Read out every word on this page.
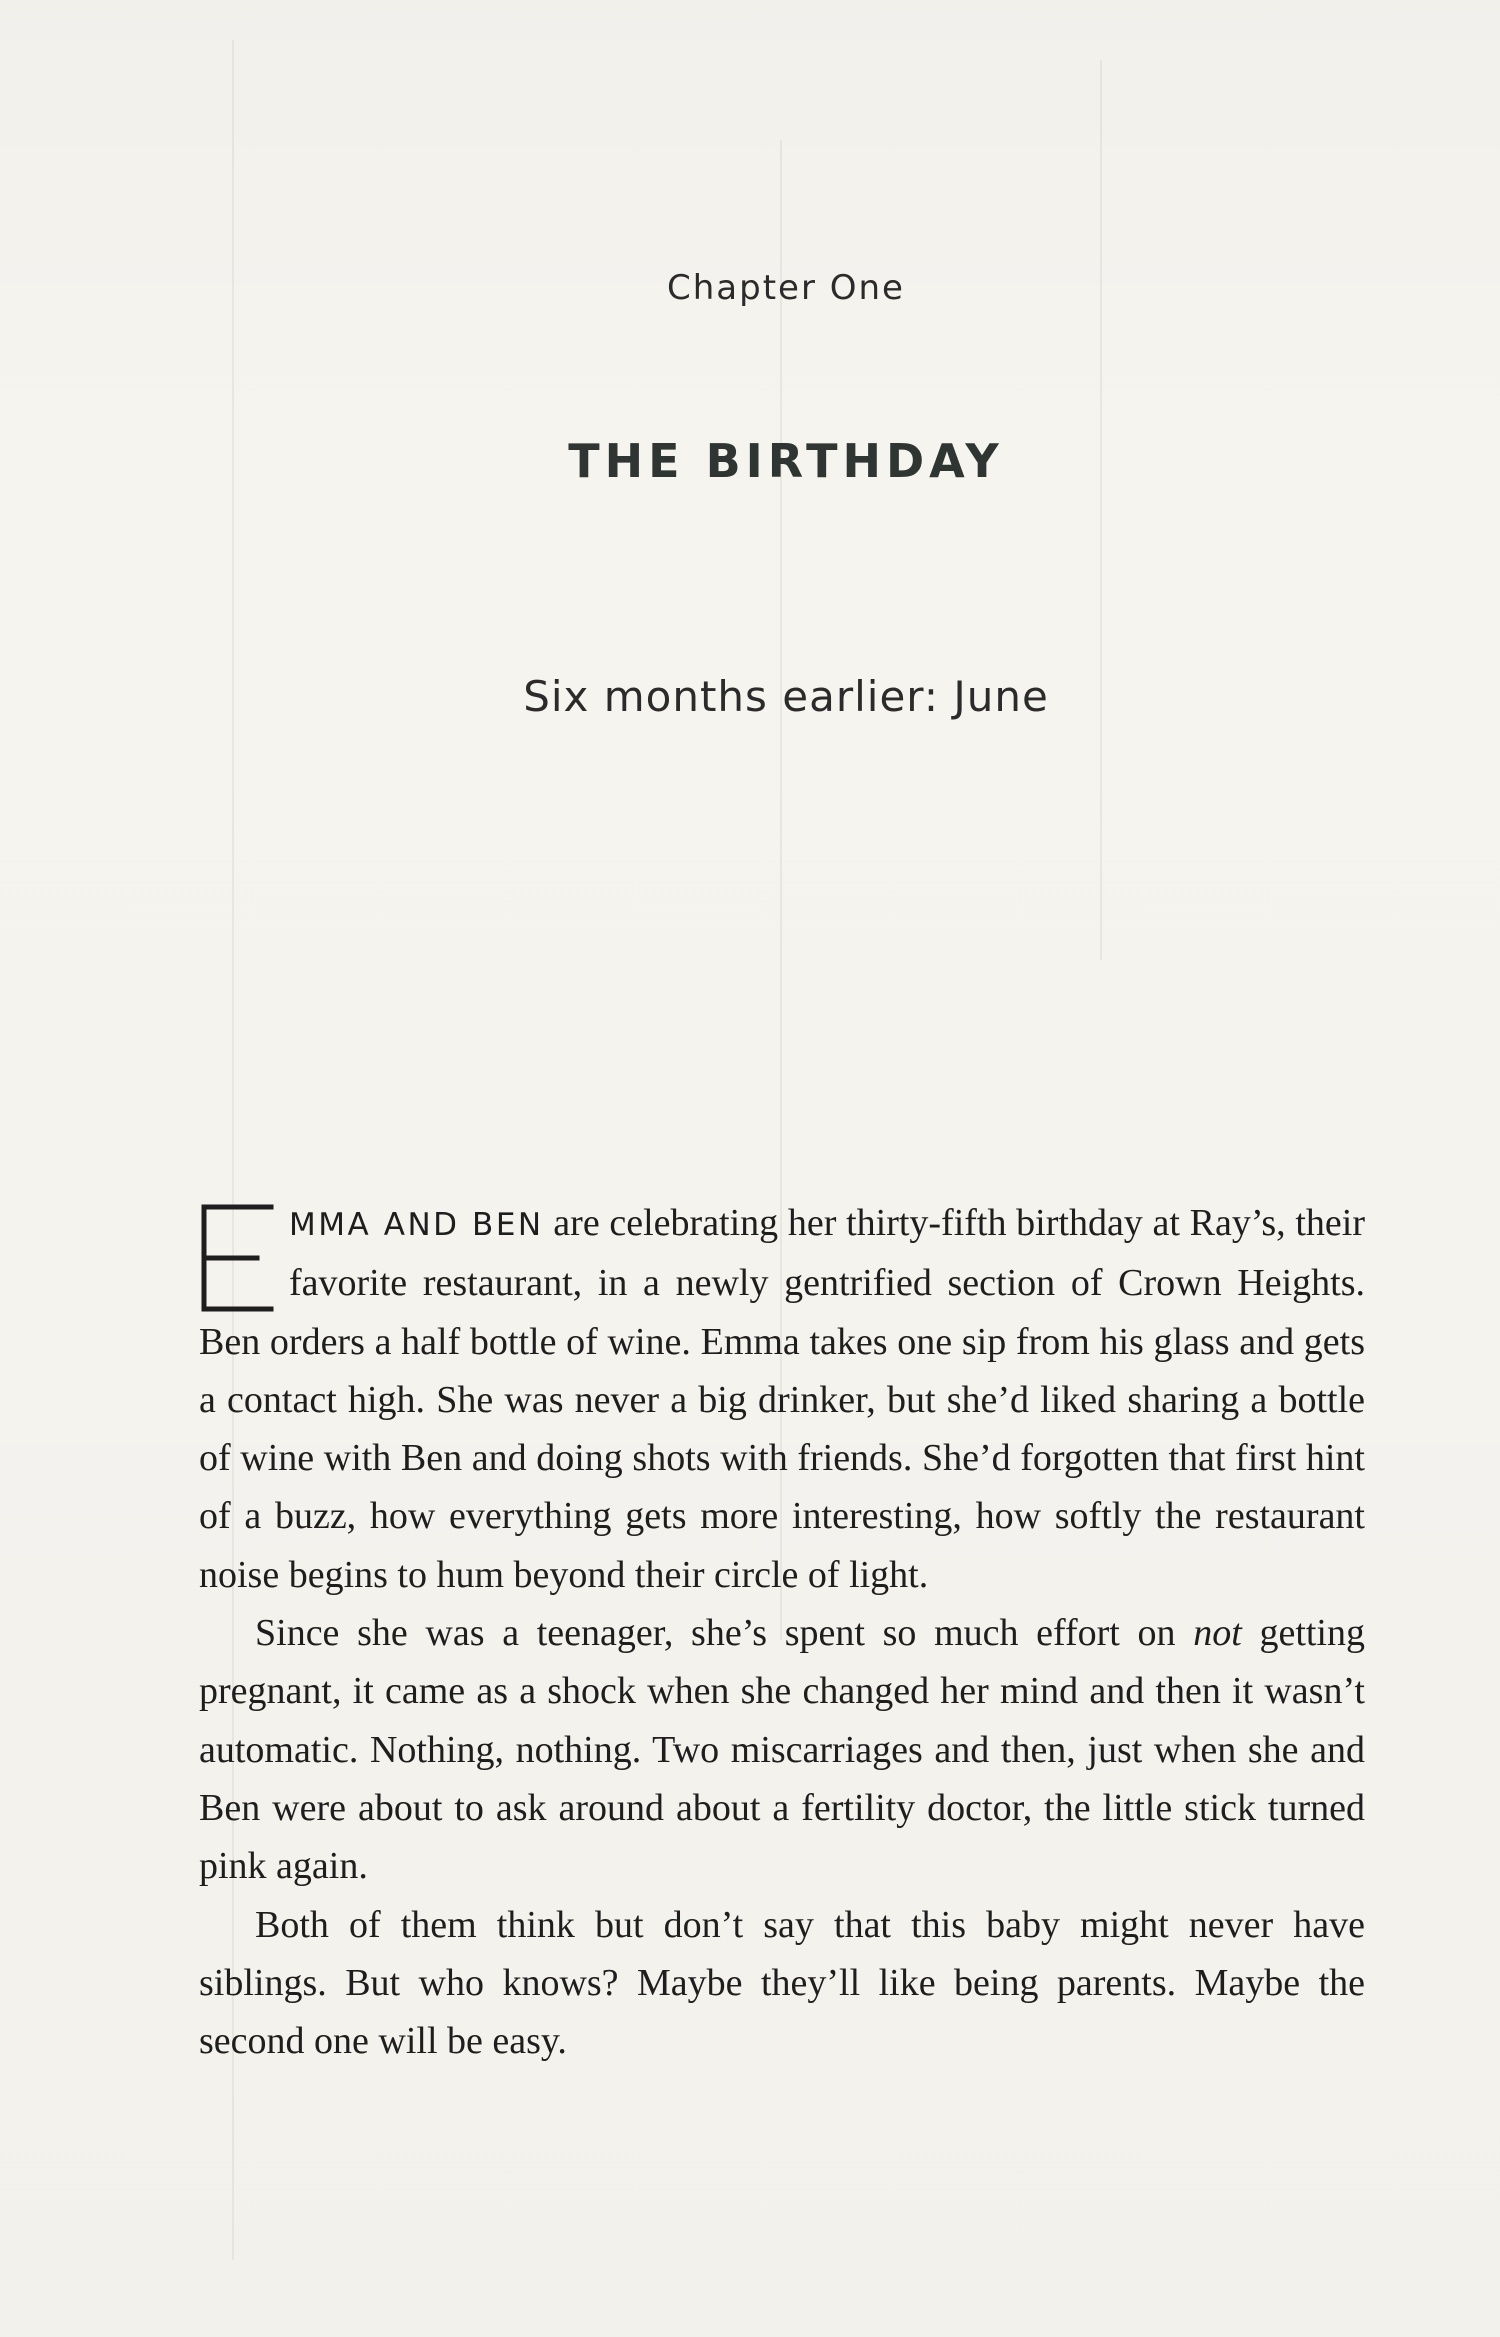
Chapter One
THE BIRTHDAY
Six months earlier: June

MMA AND BEN are celebrating her thirty-fifth birthday at Ray’s, their favorite restaurant, in a newly gentrified section of Crown Heights. Ben orders a half bottle of wine. Emma takes one sip from his glass and gets a contact high. She was never a big drinker, but she’d liked sharing a bottle of wine with Ben and doing shots with friends. She’d forgotten that first hint of a buzz, how everything gets more interesting, how softly the restaurant noise begins to hum beyond their circle of light.

Since she was a teenager, she’s spent so much effort on not getting pregnant, it came as a shock when she changed her mind and then it wasn’t automatic. Nothing, nothing. Two miscarriages and then, just when she and Ben were about to ask around about a fertility doctor, the little stick turned pink again.

Both of them think but don’t say that this baby might never have siblings. But who knows? Maybe they’ll like being parents. Maybe the second one will be easy.
